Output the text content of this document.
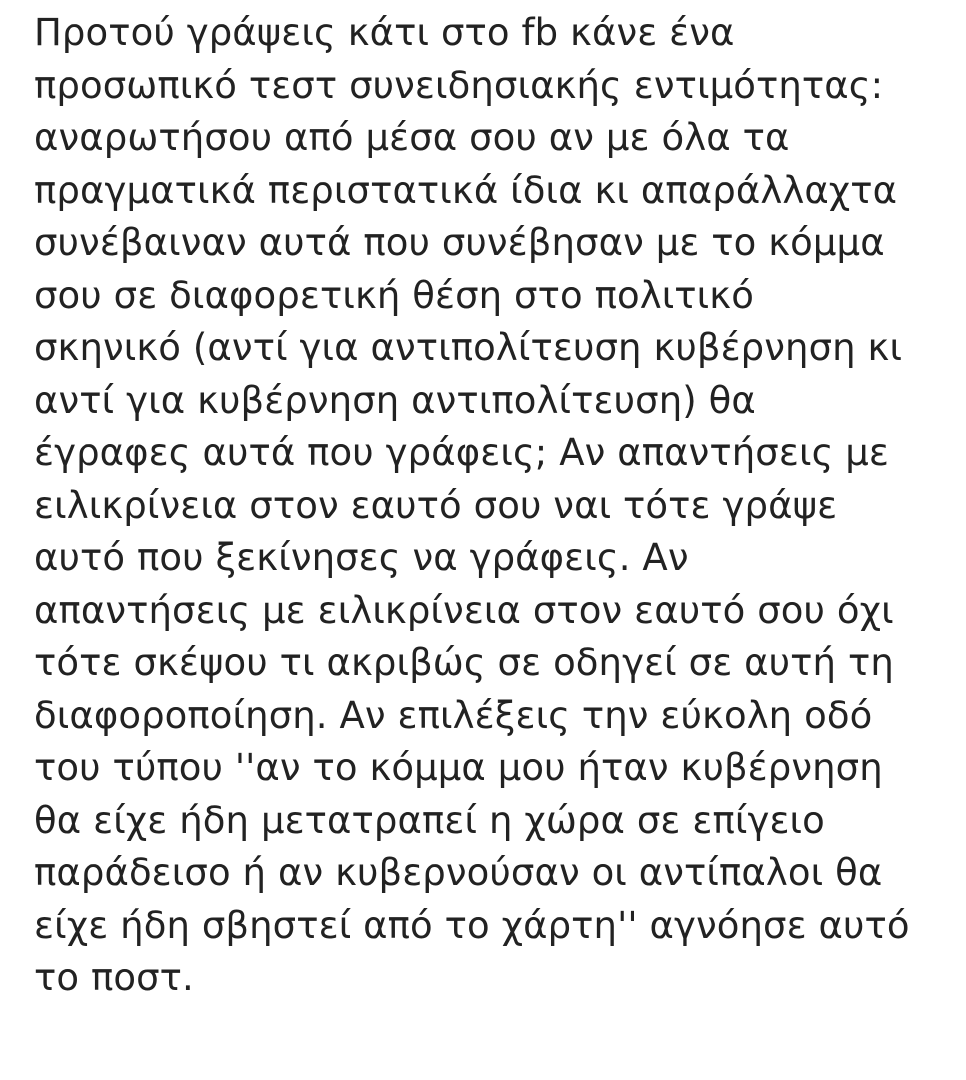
Προτού γράψεις κάτι στο fb κάνε ένα
προσωπικό τεστ συνειδησιακής εντιμότητας:
αναρωτήσου από μέσα σου αν με όλα τα
πραγματικά περιστατικά ίδια κι απαράλλαχτα
συνέβαιναν αυτά που συνέβησαν με το κόμμα
σου σε διαφορετική θέση στο πολιτικό
σκηνικό (αντί για αντιπολίτευση κυβέρνηση κι
αντί για κυβέρνηση αντιπολίτευση) θα
έγραφες αυτά που γράφεις; Αν απαντήσεις με
ειλικρίνεια στον εαυτό σου ναι τότε γράψε
αυτό που ξεκίνησες να γράφεις. Αν
απαντήσεις με ειλικρίνεια στον εαυτό σου όχι
τότε σκέψου τι ακριβώς σε οδηγεί σε αυτή τη
διαφοροποίηση. Αν επιλέξεις την εύκολη οδό
του τύπου ''αν το κόμμα μου ήταν κυβέρνηση
θα είχε ήδη μετατραπεί η χώρα σε επίγειο
παράδεισο ή αν κυβερνούσαν οι αντίπαλοι θα
είχε ήδη σβηστεί από το χάρτη'' αγνόησε αυτό
το ποστ.
